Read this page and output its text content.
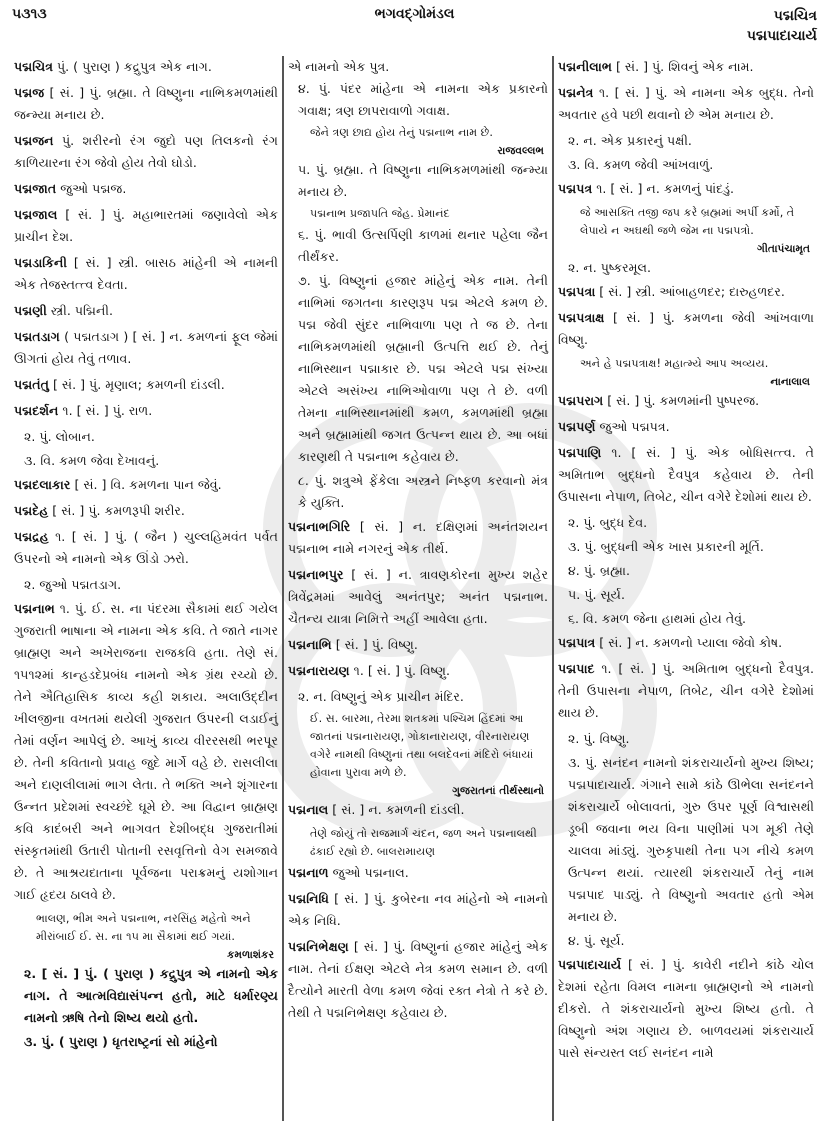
૫૩૧૩	ભગવદ્ગોમંડલ	પદ્મચિત્ર
પદ્મપાદાચાર્ય
પદ્મચિત્ર પું. ( પુરાણ ) કદ્રુપુત્ર એક નાગ.
પદ્મજ [ સં. ] પું. બ્રહ્મા. તે વિષ્ણુના નાભિકમળમાંથી જન્મ્યા મનાય છે.
પદ્મજન પું. શરીરનો રંગ જુદો પણ તિલકનો રંગ કાળિયારના રંગ જેવો હોય તેવો ઘોડો.
પદ્મજાત જુઓ પદ્મજ.
પદ્મજાલ [ સં. ] પું. મહાભારતમાં જણાવેલો એક પ્રાચીન દેશ.
પદ્મડાકિની [ સં. ] સ્ત્રી. બાસઠ માંહેની એ નામની એક તેજસ્તત્ત્વ દેવતા.
પદ્મણી સ્ત્રી. પદ્મિની.
પદ્મતડાગ ( પદ્મતડાગ ) [ સં. ] ન. કમળનાં ફૂલ જેમાં ઊગતાં હોય તેવું તળાવ.
પદ્મતંતુ [ સં. ] પું. મૃણાલ; કમળની દાંડલી.
પદ્મદર્શન ૧. [ સં. ] પું. રાળ.
૨. પું. લોબાન.
૩. વિ. કમળ જેવા દેખાવનું.
પદ્મદલાકાર [ સં. ] વિ. કમળના પાન જેવું.
પદ્મદેહ [ સં. ] પું. કમળરૂપી શરીર.
પદ્મદ્રહ ૧. [ સં. ] પું. ( જૈન ) ચુલ્લહિમવંત પર્વત ઉપરનો એ નામનો એક ઊંડો ઝરો.
૨. જુઓ પદ્મતડાગ.
પદ્મનાભ ૧. પું. ઈ. સ. ના પંદરમા સૈકામાં થઈ ગયેલ ગુજરાતી ભાષાના એ નામના એક કવિ. તે જાતે નાગર બ્રાહ્મણ અને અખેરાજના રાજકવિ હતા. તેણે સં. ૧૫૧૨માં કાન્હડદેપ્રબંધ નામનો એક ગ્રંથ રચ્યો છે. તેને ઐતિહાસિક કાવ્ય કહી શકાય. અલાઉદ્દીન ખીલજીના વખતમાં થયેલી ગુજરાત ઉપરની લડાઈનું તેમાં વર્ણન આપેલું છે. આખું કાવ્ય વીરરસથી ભરપૂર છે. તેની કવિતાનો પ્રવાહ જુદે માર્ગે વહે છે. રાસલીલા અને દાણલીલામાં ભાગ લેતા. તે ભક્તિ અને શૃંગારના ઉન્નત પ્રદેશમાં સ્વચ્છંદે ઘૂમે છે. આ વિદ્વાન બ્રાહ્મણ કવિ કાદંબરી અને ભાગવત દેશીબદ્ધ ગુજરાતીમાં સંસ્કૃતમાંથી ઉતારી પોતાની રસવૃત્તિનો વેગ સમજાવે છે. તે આશ્રયદાતાના પૂર્વજના પરાક્રમનું યશોગાન ગાઈ હૃદય ઠાલવે છે.
ભાલણ, ભીમ અને પદ્મનાભ, નરસિંહ મહેતો અને મીરાંબાઈ ઈ. સ. ના ૧૫ મા સૈકામાં થઈ ગયાં.
કમળાશંકર
૨. [ સં. ] પું. ( પુરાણ ) કદ્રુપુત્ર એ નામનો એક નાગ. તે આત્મવિદ્યાસંપન્ન હતો, માટે ધર્મારણ્ય નામનો ઋષિ તેનો શિષ્ય થયો હતો.
૩. પું. ( પુરાણ ) ધૃતરાષ્ટ્રનાં સો માંહેનો
એ નામનો એક પુત્ર.
૪. પું. પંદર માંહેના એ નામના એક પ્રકારનો ગવાક્ષ; ત્રણ છાપરાવાળો ગવાક્ષ.
જેને ત્રણ છાદ્ય હોય તેનું પદ્મનાભ નામ છે.
રાજવલ્લભ
૫. પું. બ્રહ્મા. તે વિષ્ણુના નાભિકમળમાંથી જન્મ્યા મનાય છે.
પદ્મનાભ પ્રજાપતિ જેહ. પ્રેમાનંદ
૬. પું. ભાવી ઉત્સર્પિણી કાળમાં થનાર પહેલા જૈન તીર્થંકર.
૭. પું. વિષ્ણુનાં હજાર માંહેનું એક નામ. તેની નાભિમાં જગતના કારણરૂપ પદ્મ એટલે કમળ છે. પદ્મ જેવી સુંદર નાભિવાળા પણ તે જ છે. તેના નાભિકમળમાંથી બ્રહ્માની ઉત્પત્તિ થઈ છે. તેનું નાભિસ્થાન પદ્માકાર છે. પદ્મ એટલે પદ્મ સંખ્યા એટલે અસંખ્ય નાભિઓવાળા પણ તે છે. વળી તેમના નાભિસ્થાનમાંથી કમળ, કમળમાંથી બ્રહ્મા અને બ્રહ્મામાંથી જગત ઉત્પન્ન થાય છે. આ બધાં કારણથી તે પદ્મનાભ કહેવાય છે.
૮. પું. શત્રુએ ફેંકેલા અસ્ત્રને નિષ્ફળ કરવાનો મંત્ર કે યુક્તિ.
પદ્મનાભગિરિ [ સં. ] ન. દક્ષિણમાં અનંતશયન પદ્મનાભ નામે નગરનું એક તીર્થ.
પદ્મનાભપુર [ સં. ] ન. ત્રાવણકોરના મુખ્ય શહેર ત્રિવેંદ્રમમાં આવેલું અનંતપુર; અનંત પદ્મનાભ. ચૈતન્ય યાત્રા નિમિત્તે અહીં આવેલા હતા.
પદ્મનાભિ [ સં. ] પું. વિષ્ણુ.
પદ્મનારાયણ ૧. [ સં. ] પું. વિષ્ણુ.
૨. ન. વિષ્ણુનું એક પ્રાચીન મંદિર.
ઈ. સ. બારમા, તેરમા શતકમાં પશ્ચિમ હિંદમાં આ જાતનાં પદ્મનારાયણ, ગોકાનારાયણ, વીરનારાયણ વગેરે નામથી વિષ્ણુનાં તથા બલદેવનાં મંદિરો બંધાયાં હોવાના પુરાવા મળે છે.
ગુજરાતનાં તીર્થસ્થાનો
પદ્મનાલ [ સં. ] ન. કમળની દાંડલી.
તેણે જોયું તો રાજમાર્ગ ચંદન, જળ અને પદ્મનાલથી ઢંકાઈ રહ્યો છે. બાલરામાયણ
પદ્મનાળ જુઓ પદ્મનાલ.
પદ્મનિધિ [ સં. ] પું. કુબેરના નવ માંહેનો એ નામનો એક નિધિ.
પદ્મનિભેક્ષણ [ સં. ] પું. વિષ્ણુનાં હજાર માંહેનું એક નામ. તેનાં ઈક્ષણ એટલે નેત્ર કમળ સમાન છે. વળી દૈત્યોને મારતી વેળા કમળ જેવાં રક્ત નેત્રો તે કરે છે. તેથી તે પદ્મનિભેક્ષણ કહેવાય છે.
પદ્મનીલાભ [ સં. ] પું. શિવનું એક નામ.
પદ્મનેત્ર ૧. [ સં. ] પું. એ નામના એક બુદ્ધ. તેનો અવતાર હવે પછી થવાનો છે એમ મનાય છે.
૨. ન. એક પ્રકારનું પક્ષી.
૩. વિ. કમળ જેવી આંખવાળું.
પદ્મપત્ર ૧. [ સં. ] ન. કમળનું પાંદડું.
જે આસક્તિ તજી જપ કરે બ્રહ્મમાં અર્પી કર્મો, તે લેપાયે ન અઘથી જળે જેમ ના પદ્મપત્રો.
ગીતાપંચામૃત
૨. ન. પુષ્કરમૂલ.
પદ્મપત્રા [ સં. ] સ્ત્રી. આંબાહળદર; દારુહળદર.
પદ્મપત્રાક્ષ [ સં. ] પું. કમળના જેવી આંખવાળા વિષ્ણુ.
અને હે પદ્મપત્રાક્ષ! મહાત્મ્યે આપ અવ્યય.
નાનાલાલ
પદ્મપરાગ [ સં. ] પું. કમળમાંની પુષ્પરજ.
પદ્મપર્ણ જુઓ પદ્મપત્ર.
પદ્મપાણિ ૧. [ સં. ] પું. એક બોધિસત્ત્વ. તે અમિતાભ બુદ્ધનો દૈવપુત્ર કહેવાય છે. તેની ઉપાસના નેપાળ, તિબેટ, ચીન વગેરે દેશોમાં થાય છે.
૨. પું. બુદ્ધ દેવ.
૩. પું. બુદ્ધની એક ખાસ પ્રકારની મૂર્તિ.
૪. પું. બ્રહ્મા.
૫. પું. સૂર્ય.
૬. વિ. કમળ જેના હાથમાં હોય તેવું.
પદ્મપાત્ર [ સં. ] ન. કમળનો પ્યાલા જેવો કોષ.
પદ્મપાદ ૧. [ સં. ] પું. અમિતાભ બુદ્ધનો દૈવપુત્ર. તેની ઉપાસના નેપાળ, તિબેટ, ચીન વગેરે દેશોમાં થાય છે.
૨. પું. વિષ્ણુ.
૩. પું. સનંદન નામનો શંકરાચાર્યનો મુખ્ય શિષ્ય; પદ્મપાદાચાર્ય. ગંગાને સામે કાંઠે ઊભેલા સનંદનને શંકરાચાર્યે બોલાવતાં, ગુરુ ઉપર પૂર્ણ વિશ્વાસથી ડૂબી જવાના ભય વિના પાણીમાં પગ મૂકી તેણે ચાલવા માંડ્યું. ગુરુકૃપાથી તેના પગ નીચે કમળ ઉત્પન્ન થયાં. ત્યારથી શંકરાચાર્યે તેનું નામ પદ્મપાદ પાડ્યું. તે વિષ્ણુનો અવતાર હતો એમ મનાય છે.
૪. પું. સૂર્ય.
પદ્મપાદાચાર્ય [ સં. ] પું. કાવેરી નદીને કાંઠે ચોલ દેશમાં રહેતા વિમલ નામના બ્રાહ્મણનો એ નામનો દીકરો. તે શંકરાચાર્યનો મુખ્ય શિષ્ય હતો. તે વિષ્ણુનો અંશ ગણાય છે. બાળવયમાં શંકરાચાર્ય પાસે સંન્યસ્ત લઈ સનંદન નામે
